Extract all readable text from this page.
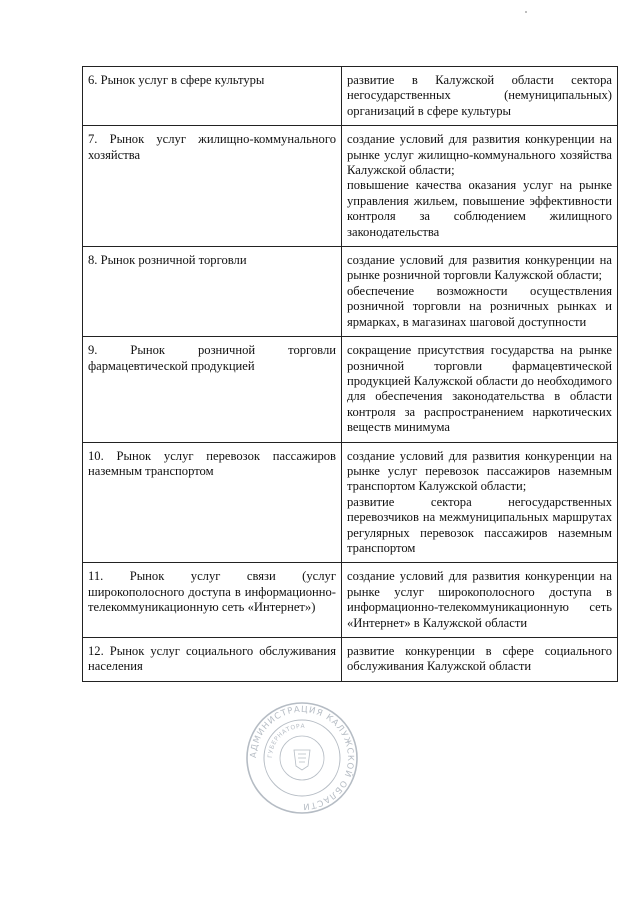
6. Рынок услуг в сфере культуры	развитие в Калужской области сектора негосударственных (немуниципальных) организаций в сфере культуры

7. Рынок услуг жилищно-коммунального хозяйства	создание условий для развития конкуренции на рынке услуг жилищно-коммунального хозяйства Калужской области;

повышение качества оказания услуг на рынке управления жильем, повышение эффективности контроля за соблюдением жилищного законодательства

8. Рынок розничной торговли	создание условий для развития конкуренции на рынке розничной торговли Калужской области;

обеспечение возможности осуществления розничной торговли на розничных рынках и ярмарках, в магазинах шаговой доступности

9. Рынок розничной торговли фармацевтической продукцией	сокращение присутствия государства на рынке розничной торговли фармацевтической продукцией Калужской области до необходимого для обеспечения законодательства в области контроля за распространением наркотических веществ минимума

10. Рынок услуг перевозок пассажиров наземным транспортом	создание условий для развития конкуренции на рынке услуг перевозок пассажиров наземным транспортом Калужской области;

развитие сектора негосударственных перевозчиков на межмуниципальных маршрутах регулярных перевозок пассажиров наземным транспортом

11. Рынок услуг связи (услуг широкополосного доступа в информационно-телекоммуникационную сеть «Интернет»)	создание условий для развития конкуренции на рынке услуг широкополосного доступа в информационно-телекоммуникационную сеть «Интернет» в Калужской области

12. Рынок услуг социального обслуживания населения	развитие конкуренции в сфере социального обслуживания Калужской области

АДМИНИСТРАЦИЯ КАЛУЖСКОЙ ОБЛАСТИ
ГУБЕРНАТОРА
